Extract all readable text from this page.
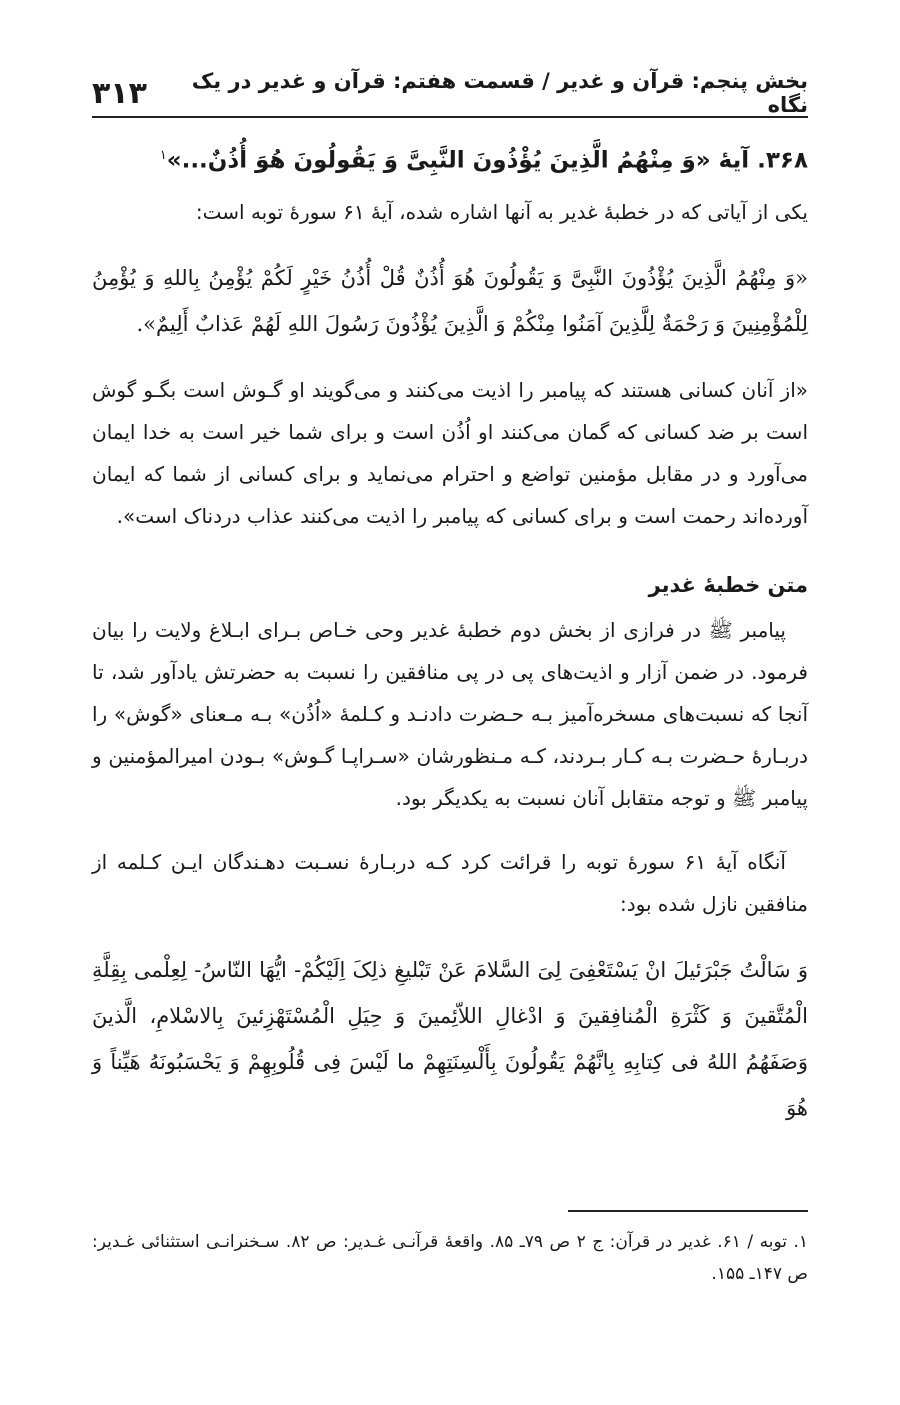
بخش پنجم: قرآن و غدیر / قسمت هفتم: قرآن و غدیر در یک نگاه
۳۱۳
۳۶۸. آیهٔ «وَ مِنْهُمُ الَّذِینَ یُؤْذُونَ النَّبِیَّ وَ یَقُولُونَ هُوَ أُذُنٌ...»$^۱$

یکی از آیاتی که در خطبهٔ غدیر به آنها اشاره شده، آیهٔ ۶۱ سورهٔ توبه است:

«وَ مِنْهُمُ الَّذِینَ یُؤْذُونَ النَّبِیَّ وَ یَقُولُونَ هُوَ أُذُنٌ قُلْ أُذُنُ خَیْرٍ لَکُمْ یُؤْمِنُ بِاللهِ وَ یُؤْمِنُ لِلْمُؤْمِنِینَ وَ رَحْمَةٌ لِلَّذِینَ آمَنُوا مِنْکُمْ وَ الَّذِینَ یُؤْذُونَ رَسُولَ اللهِ لَهُمْ عَذابٌ أَلِیمٌ».

«از آنان کسانی هستند که پیامبر را اذیت می‌کنند و می‌گویند او گـوش است بگـو گوش است بر ضد کسانی که گمان می‌کنند او اُذُن است و برای شما خیر است به خدا ایمان می‌آورد و در مقابل مؤمنین تواضع و احترام می‌نماید و برای کسانی از شما که ایمان آورده‌اند رحمت است و برای کسانی که پیامبر را اذیت می‌کنند عذاب دردناک است».

متن خطبهٔ غدیر

پیامبر ﷺ در فرازی از بخش دوم خطبهٔ غدیر وحی خـاص بـرای ابـلاغ ولایت را بیان فرمود. در ضمن آزار و اذیت‌های پی در پی منافقین را نسبت به حضرتش یادآور شد، تا آنجا که نسبت‌های مسخره‌آمیز بـه حـضرت دادنـد و کـلمهٔ «اُذُن» بـه مـعنای «گوش» را دربـارهٔ حـضرت بـه کـار بـردند، کـه مـنظورشان «سـراپـا گـوش» بـودن امیرالمؤمنین و پیامبر ﷺ و توجه متقابل آنان نسبت به یکدیگر بود.

آنگاه آیهٔ ۶۱ سورهٔ توبه را قرائت کرد کـه دربـارهٔ نسـبت دهـندگان ایـن کـلمه از منافقین نازل شده بود:

وَ سَالْتُ جَبْرَئیلَ انْ یَسْتَعْفِیَ لِیَ السَّلامَ عَنْ تَبْلیغِ ذلِکَ اِلَیْکُمْ- ایُّهَا النّاسُ- لِعِلْمی بِقِلَّةِ الْمُتَّقینَ وَ کَثْرَةِ الْمُنافِقینَ وَ ادْغالِ اللاّئِمینَ وَ حِیَلِ الْمُسْتَهْزِئینَ بِالاسْلامِ، الَّذینَ وَصَفَهُمُ اللهُ فی کِتابِهِ بِانَّهُمْ یَقُولُونَ بِأَلْسِنَتِهِمْ ما لَیْسَ فِی قُلُوبِهِمْ وَ یَحْسَبُونَهُ هَیِّناً وَ هُوَ

۱. توبه / ۶۱. غدیر در قرآن: ج ۲ ص ۷۹ـ ۸۵. واقعهٔ قرآنـی غـدیر: ص ۸۲. سـخنرانـی استثنائی غـدیر: ص ۱۴۷ـ ۱۵۵.
